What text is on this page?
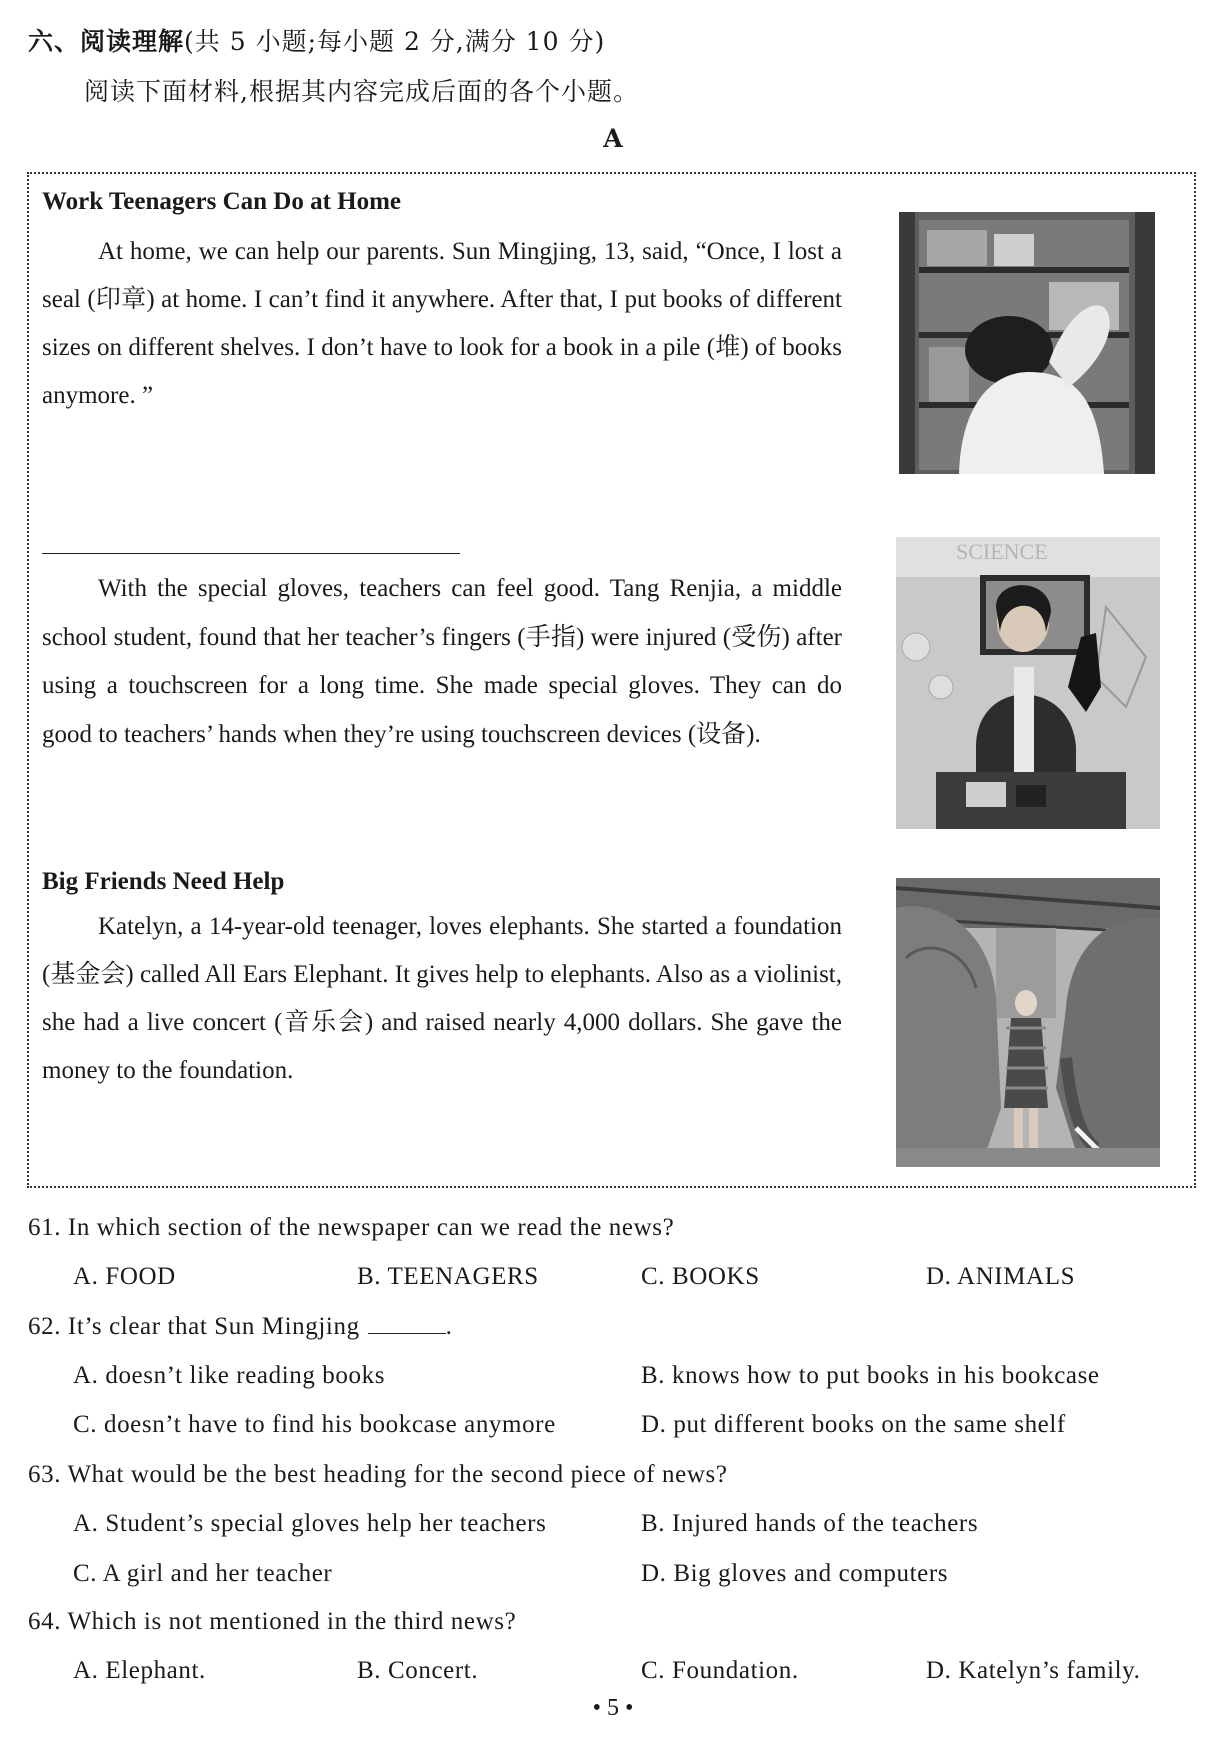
六、阅读理解(共 5 小题;每小题 2 分,满分 10 分)
阅读下面材料,根据其内容完成后面的各个小题。
A
Work Teenagers Can Do at Home
At home, we can help our parents. Sun Mingjing, 13, said, “Once, I lost a seal (印章) at home. I can’t find it anywhere. After that, I put books of different sizes on different shelves. I don’t have to look for a book in a pile (堆) of books anymore. ”
With the special gloves, teachers can feel good. Tang Renjia, a middle school student, found that her teacher’s fingers (手指) were injured (受伤) after using a touchscreen for a long time. She made special gloves. They can do good to teachers’ hands when they’re using touchscreen devices (设备).
SCIENCE
Big Friends Need Help
Katelyn, a 14-year-old teenager, loves elephants. She started a foundation (基金会) called All Ears Elephant. It gives help to elephants. Also as a violinist, she had a live concert (音乐会) and raised nearly 4,000 dollars. She gave the money to the foundation.
61. In which section of the newspaper can we read the news?
A. FOOD	B. TEENAGERS	C. BOOKS	D. ANIMALS
62. It’s clear that Sun Mingjing	.
A. doesn’t like reading books	B. knows how to put books in his bookcase
C. doesn’t have to find his bookcase anymore	D. put different books on the same shelf
63. What would be the best heading for the second piece of news?
A. Student’s special gloves help her teachers	B. Injured hands of the teachers
C. A girl and her teacher	D. Big gloves and computers
64. Which is not mentioned in the third news?
A. Elephant.	B. Concert.	C. Foundation.	D. Katelyn’s family.
• 5 •
